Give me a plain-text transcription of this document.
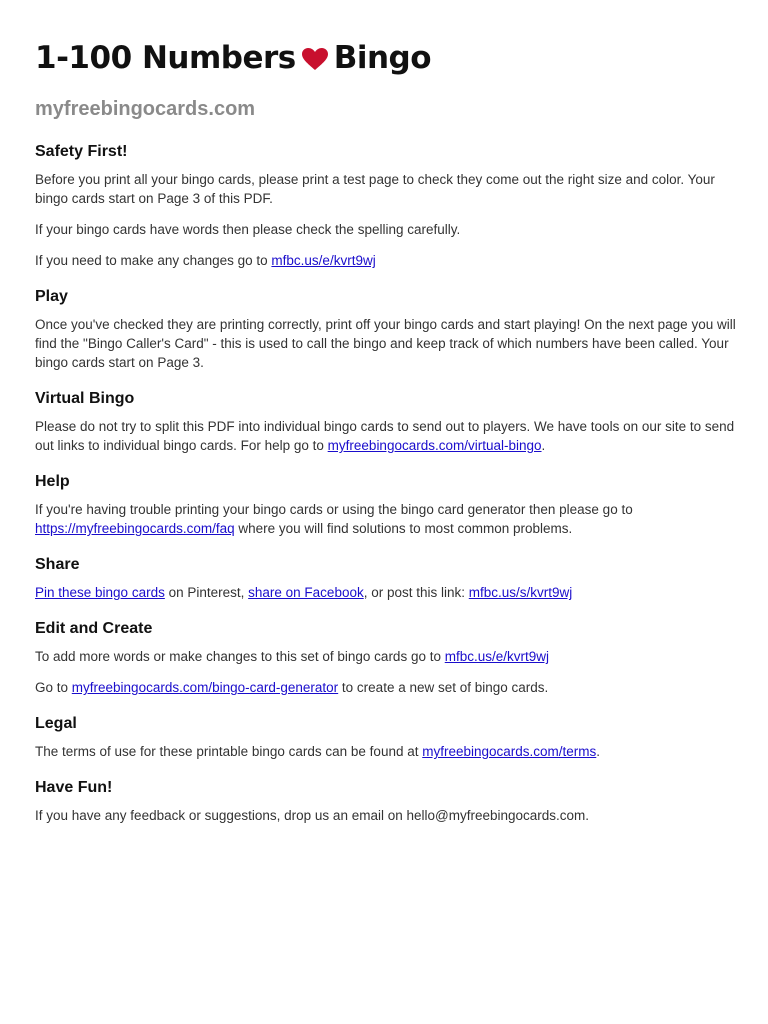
1-100 Numbers Bingo
myfreebingocards.com
Safety First!

Before you print all your bingo cards, please print a test page to check they come out the right size and color. Your bingo cards start on Page 3 of this PDF.

If your bingo cards have words then please check the spelling carefully.

If you need to make any changes go to mfbc.us/e/kvrt9wj

Play

Once you've checked they are printing correctly, print off your bingo cards and start playing! On the next page you will find the "Bingo Caller's Card" - this is used to call the bingo and keep track of which numbers have been called. Your bingo cards start on Page 3.

Virtual Bingo

Please do not try to split this PDF into individual bingo cards to send out to players. We have tools on our site to send out links to individual bingo cards. For help go to myfreebingocards.com/virtual-bingo.

Help

If you're having trouble printing your bingo cards or using the bingo card generator then please go to https://myfreebingocards.com/faq where you will find solutions to most common problems.

Share

Pin these bingo cards on Pinterest, share on Facebook, or post this link: mfbc.us/s/kvrt9wj

Edit and Create

To add more words or make changes to this set of bingo cards go to mfbc.us/e/kvrt9wj

Go to myfreebingocards.com/bingo-card-generator to create a new set of bingo cards.

Legal

The terms of use for these printable bingo cards can be found at myfreebingocards.com/terms.

Have Fun!

If you have any feedback or suggestions, drop us an email on hello@myfreebingocards.com.
